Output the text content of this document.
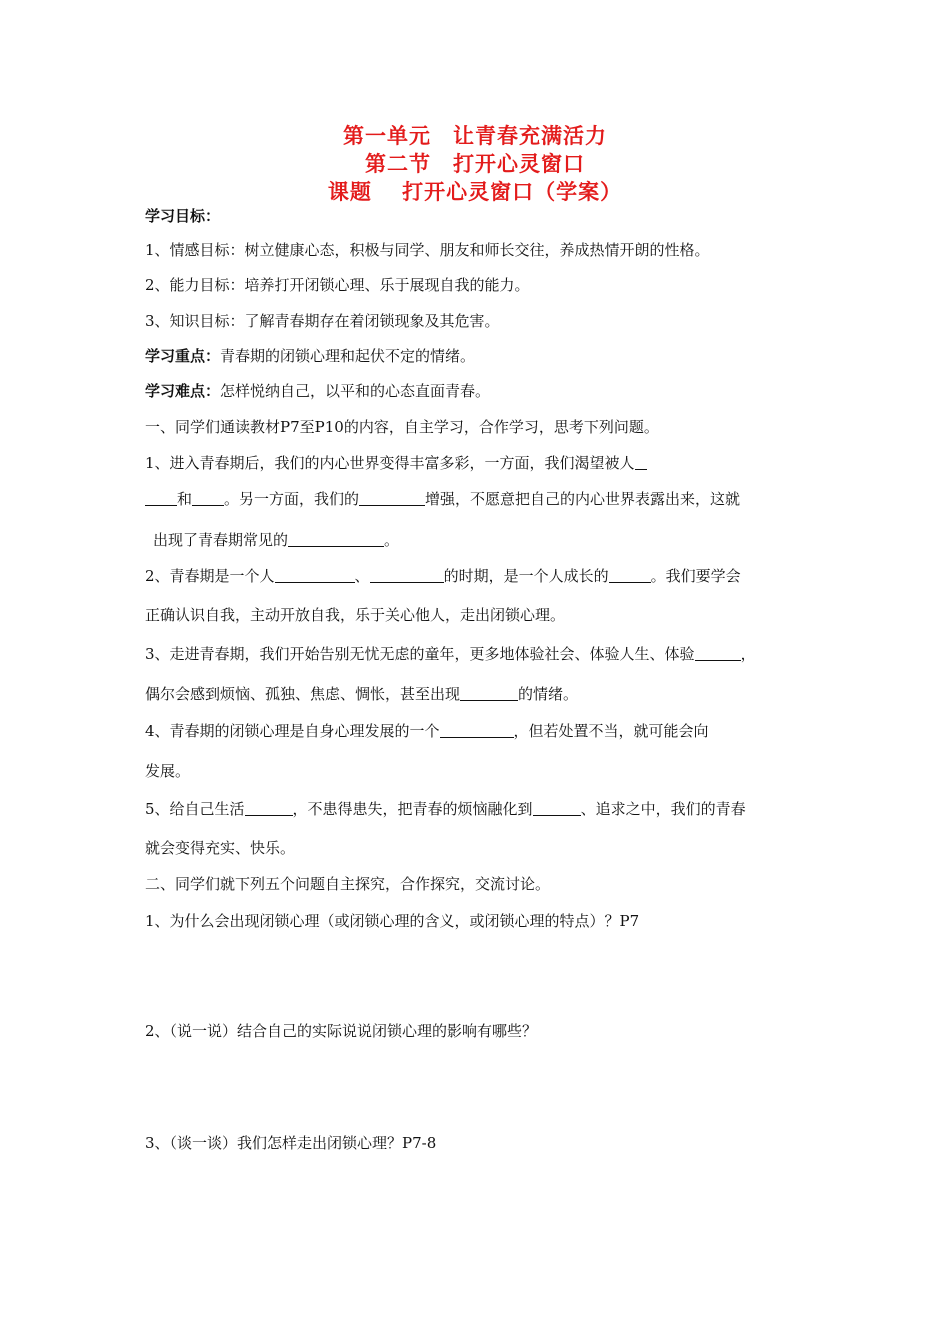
第一单元　让青春充满活力
第二节　打开心灵窗口
课题　 打开心灵窗口（学案）
学习目标：
1、情感目标：树立健康心态，积极与同学、朋友和师长交往，养成热情开朗的性格。
2、能力目标：培养打开闭锁心理、乐于展现自我的能力。
3、知识目标：了解青春期存在着闭锁现象及其危害。
学习重点：青春期的闭锁心理和起伏不定的情绪。
学习难点：怎样悦纳自己，以平和的心态直面青春。
一、同学们通读教材P7至P10的内容，自主学习，合作学习，思考下列问题。
1、进入青春期后，我们的内心世界变得丰富多彩，一方面，我们渴望被人
和 。另一方面，我们的	增强，不愿意把自己的内心世界表露出来，这就
出现了青春期常见的	。
2、青春期是一个人	、	的时期，是一个人成长的	。我们要学会
正确认识自我，主动开放自我，乐于关心他人，走出闭锁心理。
3、走进青春期，我们开始告别无忧无虑的童年，更多地体验社会、体验人生、体验	，
偶尔会感到烦恼、孤独、焦虑、惆怅，甚至出现	的情绪。
4、青春期的闭锁心理是自身心理发展的一个	，但若处置不当，就可能会向
发展。
5、给自己生活	，不患得患失，把青春的烦恼融化到	、追求之中，我们的青春
就会变得充实、快乐。
二、同学们就下列五个问题自主探究，合作探究，交流讨论。
1、为什么会出现闭锁心理（或闭锁心理的含义，或闭锁心理的特点）？P7
2、（说一说）结合自己的实际说说闭锁心理的影响有哪些？
3、（谈一谈）我们怎样走出闭锁心理？P7-8
